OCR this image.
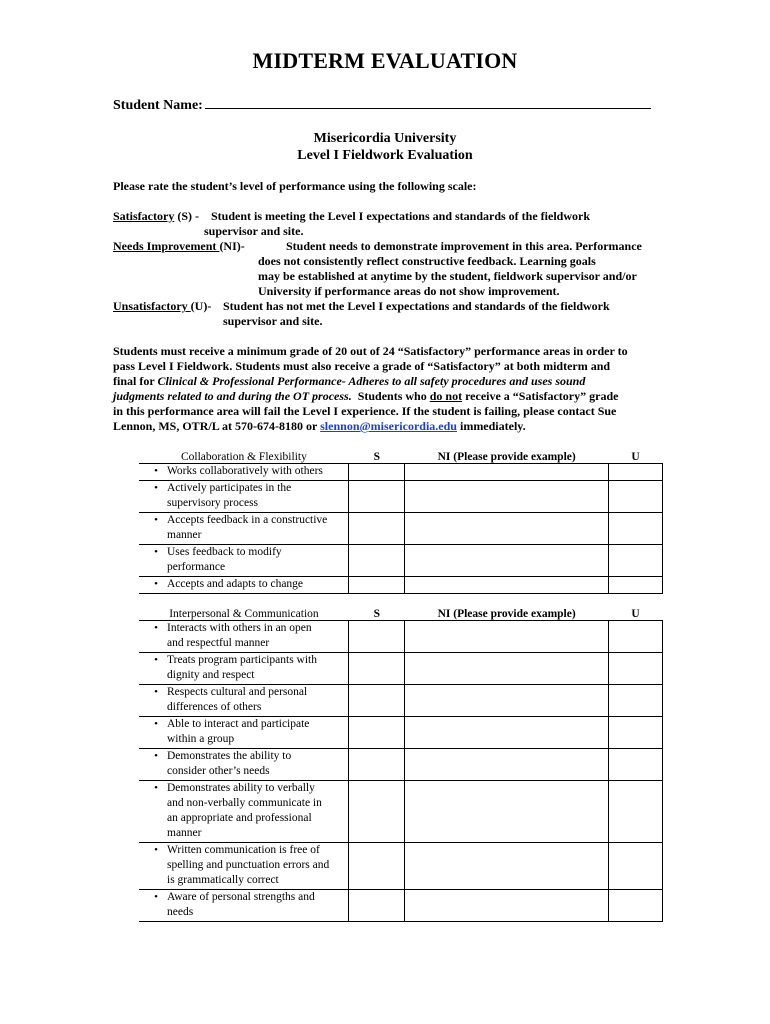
MIDTERM EVALUATION
Student Name:
Misericordia University
Level I Fieldwork Evaluation
Please rate the student’s level of performance using the following scale:
Satisfactory (S) - Student is meeting the Level I expectations and standards of the fieldwork
supervisor and site.
Needs Improvement (NI)-	Student needs to demonstrate improvement in this area. Performance
does not consistently reflect constructive feedback. Learning goals
may be established at anytime by the student, fieldwork supervisor and/or
University if performance areas do not show improvement.
Unsatisfactory (U)- Student has not met the Level I expectations and standards of the fieldwork
supervisor and site.
Students must receive a minimum grade of 20 out of 24 “Satisfactory” performance areas in order to
pass Level I Fieldwork. Students must also receive a grade of “Satisfactory” at both midterm and
final for Clinical & Professional Performance- Adheres to all safety procedures and uses sound
judgments related to and during the OT process.  Students who do not receive a “Satisfactory” grade
in this performance area will fail the Level I experience. If the student is failing, please contact Sue
Lennon, MS, OTR/L at 570-674-8180 or slennon@misericordia.edu immediately.
Collaboration & Flexibility	S	NI (Please provide example)	U

• Works collaboratively with others			

• Actively participates in the
supervisory process			

• Accepts feedback in a constructive
manner			

• Uses feedback to modify
performance			

• Accepts and adapts to change			

Interpersonal & Communication	S	NI (Please provide example)	U

• Interacts with others in an open
and respectful manner			

• Treats program participants with
dignity and respect			

• Respects cultural and personal
differences of others			

• Able to interact and participate
within a group			

• Demonstrates the ability to
consider other’s needs			

• Demonstrates ability to verbally
and non-verbally communicate in
an appropriate and professional
manner			

• Written communication is free of
spelling and punctuation errors and
is grammatically correct			

• Aware of personal strengths and
needs			
